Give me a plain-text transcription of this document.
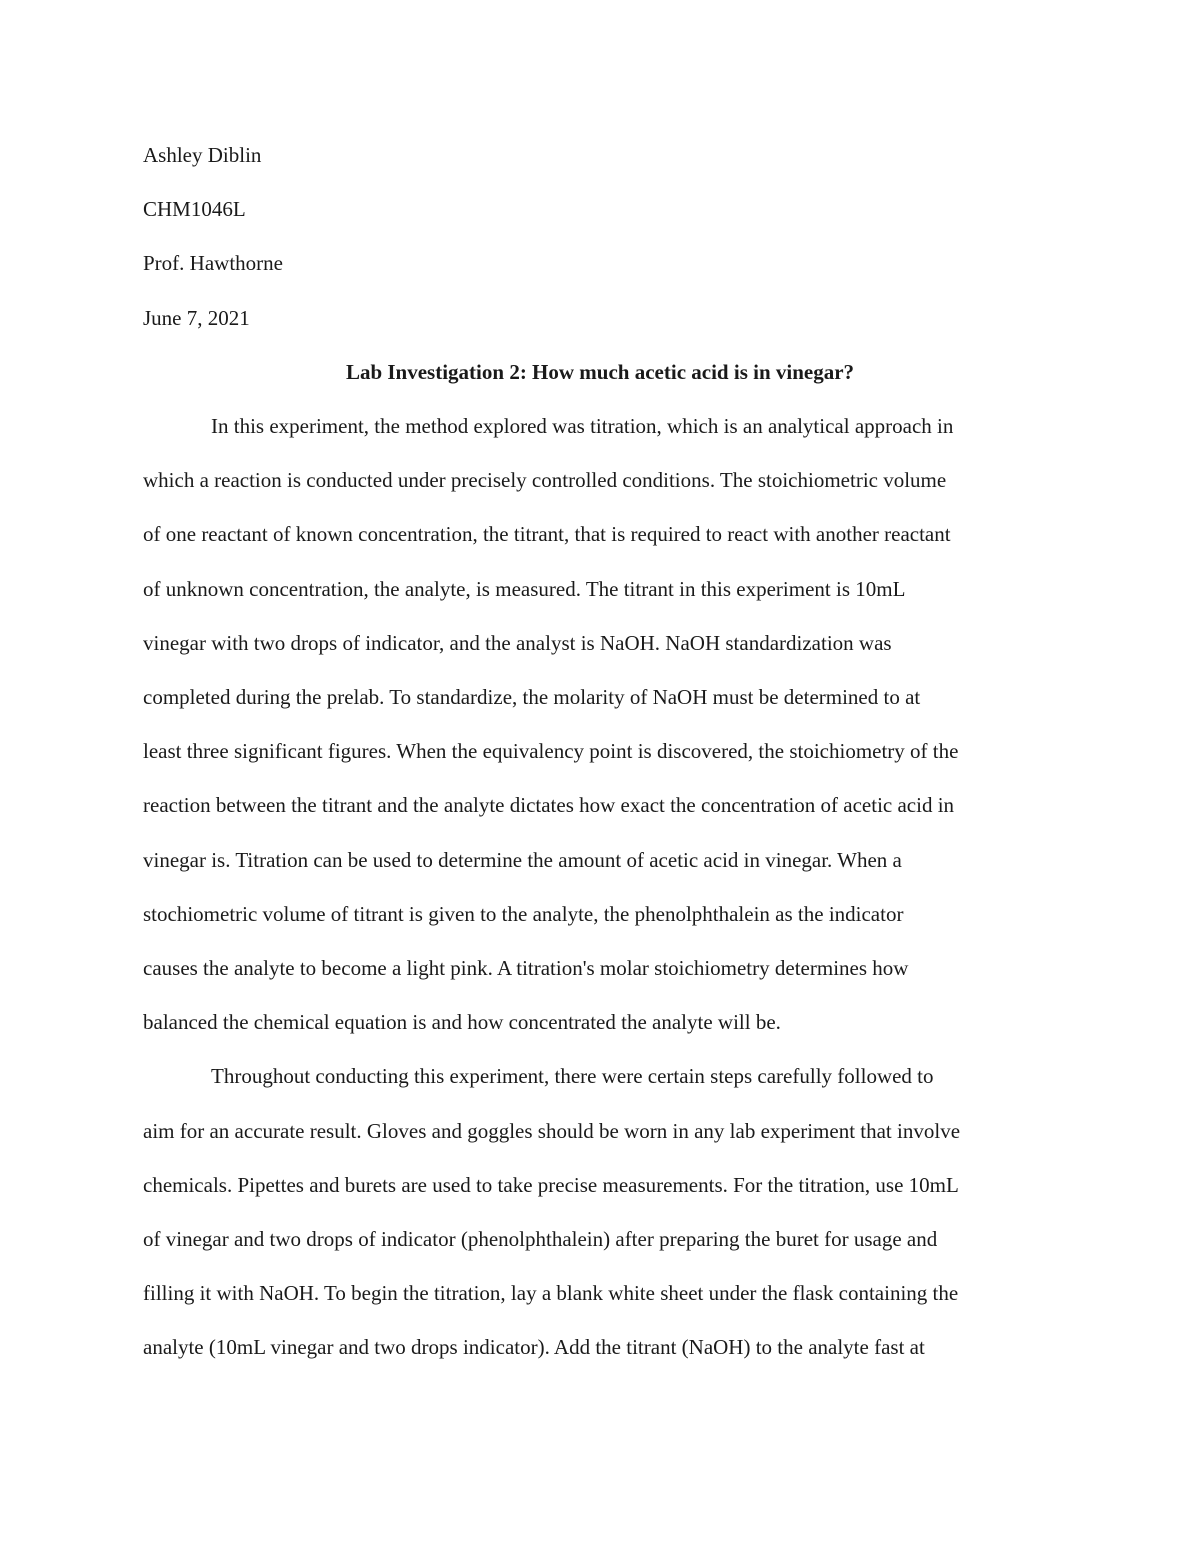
Ashley Diblin

CHM1046L

Prof. Hawthorne

June 7, 2021

Lab Investigation 2: How much acetic acid is in vinegar?

In this experiment, the method explored was titration, which is an analytical approach in
which a reaction is conducted under precisely controlled conditions. The stoichiometric volume
of one reactant of known concentration, the titrant, that is required to react with another reactant
of unknown concentration, the analyte, is measured. The titrant in this experiment is 10mL
vinegar with two drops of indicator, and the analyst is NaOH. NaOH standardization was
completed during the prelab. To standardize, the molarity of NaOH must be determined to at
least three significant figures. When the equivalency point is discovered, the stoichiometry of the
reaction between the titrant and the analyte dictates how exact the concentration of acetic acid in
vinegar is. Titration can be used to determine the amount of acetic acid in vinegar. When a
stochiometric volume of titrant is given to the analyte, the phenolphthalein as the indicator
causes the analyte to become a light pink. A titration's molar stoichiometry determines how
balanced the chemical equation is and how concentrated the analyte will be.

Throughout conducting this experiment, there were certain steps carefully followed to
aim for an accurate result. Gloves and goggles should be worn in any lab experiment that involve
chemicals. Pipettes and burets are used to take precise measurements. For the titration, use 10mL
of vinegar and two drops of indicator (phenolphthalein) after preparing the buret for usage and
filling it with NaOH. To begin the titration, lay a blank white sheet under the flask containing the
analyte (10mL vinegar and two drops indicator). Add the titrant (NaOH) to the analyte fast at
